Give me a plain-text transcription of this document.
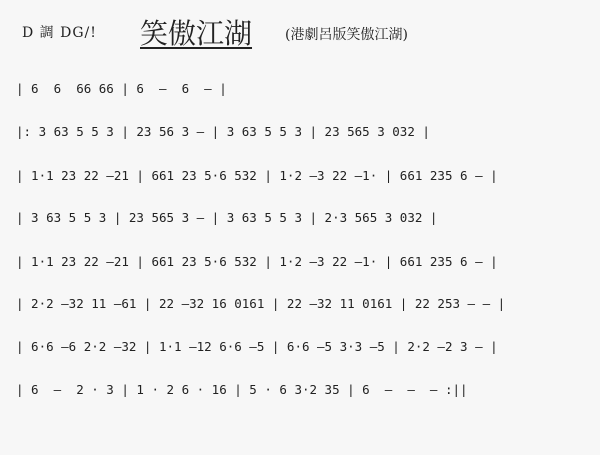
D 調 DG/! 笑傲江湖 (港劇呂版笑傲江湖)

| 6  6  66 66 | 6  –  6  – |

|: 3 63 5 5 3 | 23 56 3 – | 3 63 5 5 3 | 23 565 3 032 |

| 1·1 23 22 –21 | 661 23 5·6 532 | 1·2 –3 22 –1· | 661 235 6 – |

| 3 63 5 5 3 | 23 565 3 – | 3 63 5 5 3 | 2·3 565 3 032 |

| 1·1 23 22 –21 | 661 23 5·6 532 | 1·2 –3 22 –1· | 661 235 6 – |

| 2·2 –32 11 –61 | 22 –32 16 0161 | 22 –32 11 0161 | 22 253 – – |

| 6·6 –6 2·2 –32 | 1·1 –12 6·6 –5 | 6·6 –5 3·3 –5 | 2·2 –2 3 – |

| 6  –  2 · 3 | 1 · 2 6 · 16 | 5 · 6 3·2 35 | 6  –  –  – :||
